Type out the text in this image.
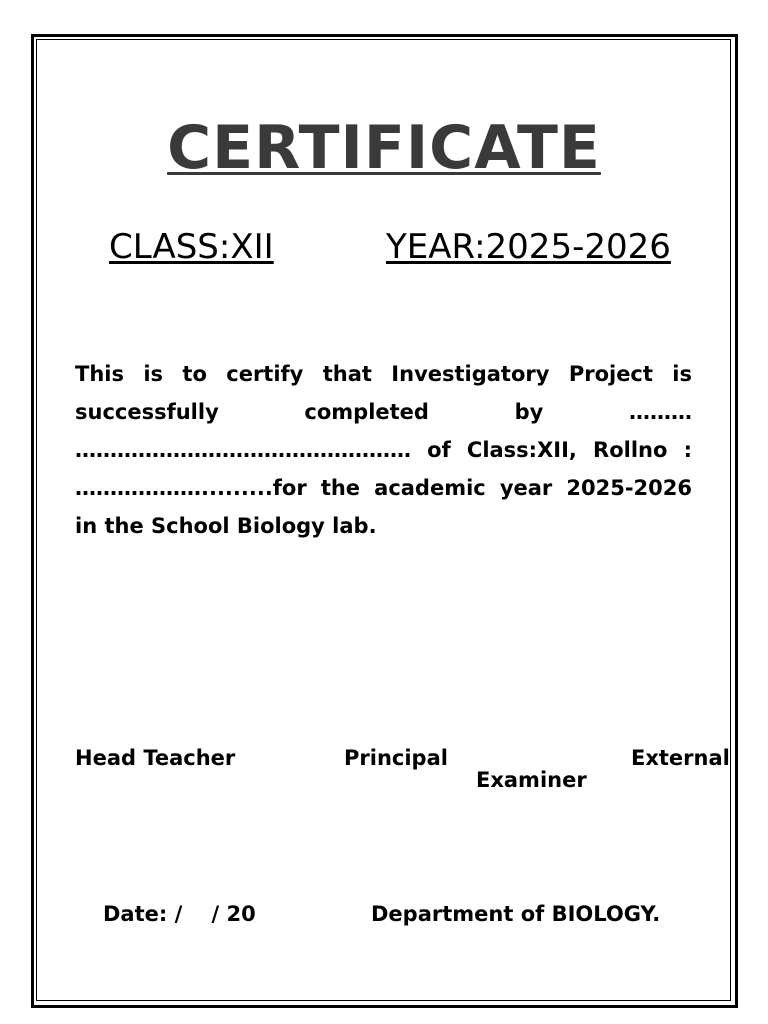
CERTIFICATE
CLASS:XII	YEAR:2025-2026
This is to certify that Investigatory Project is successfully completed by ……… ………………………………………… of Class:XII, Rollno : ……………….........for the academic year 2025-2026 in the School Biology lab.
Head Teacher	Principal	External
Examiner
Date: /    / 20	Department of BIOLOGY.
